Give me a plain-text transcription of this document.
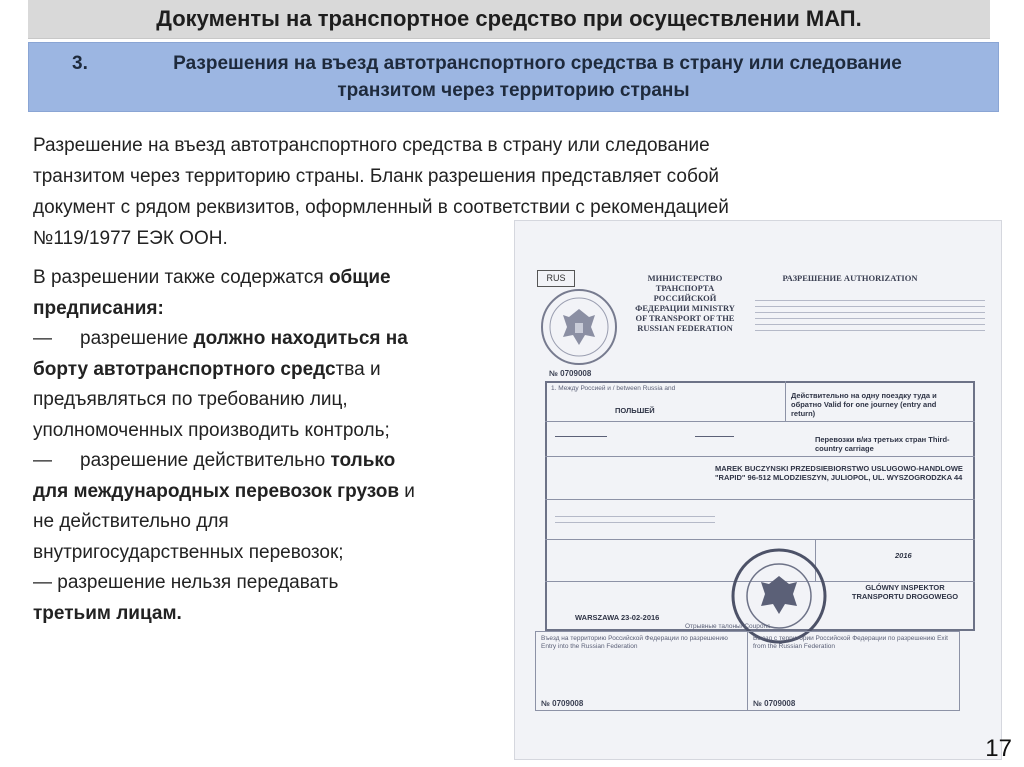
Документы на транспортное средство при осуществлении МАП.
3.	Разрешения на въезд автотранспортного средства в страну или следование
транзитом через территорию страны
Разрешение на въезд автотранспортного средства в страну или следование
транзитом через территорию страны. Бланк разрешения представляет собой
документ с рядом реквизитов, оформленный в соответствии с рекомендацией
№119/1977 ЕЭК ООН.
В разрешении также содержатся общие
предписания:
— разрешение должно находиться на
борту автотранспортного средства и
предъявляться по требованию лиц,
уполномоченных производить контроль;
— разрешение действительно только
для международных перевозок грузов и
не действительно для
внутригосударственных перевозок;
— разрешение нельзя передавать
третьим лицам.
RUS	МИНИСТЕРСТВО ТРАНСПОРТА РОССИЙСКОЙ ФЕДЕРАЦИИ MINISTRY OF TRANSPORT OF THE RUSSIAN FEDERATION
РАЗРЕШЕНИЕ AUTHORIZATION
№ 0709008
1. Между Россией и / between Russia and
ПОЛЬШЕЙ
Действительно на одну поездку туда и обратно Valid for one journey (entry and return)
Перевозки в/из третьих стран Third-country carriage
————————	——————
MAREK BUCZYNSKI PRZEDSIEBIORSTWO USLUGOWO-HANDLOWE "RAPID" 96-512 MLODZIESZYN, JULIOPOL, UL. WYSZOGRODZKA 44
2016
GLÓWNY INSPEKTOR TRANSPORTU DROGOWEGO
WARSZAWA 23-02-2016
Отрывные талоны/ Coupons
Въезд на территорию Российской Федерации по разрешению Entry into the Russian Federation
Выезд с территории Российской Федерации по разрешению Exit from the Russian Federation
№ 0709008	№ 0709008
17
